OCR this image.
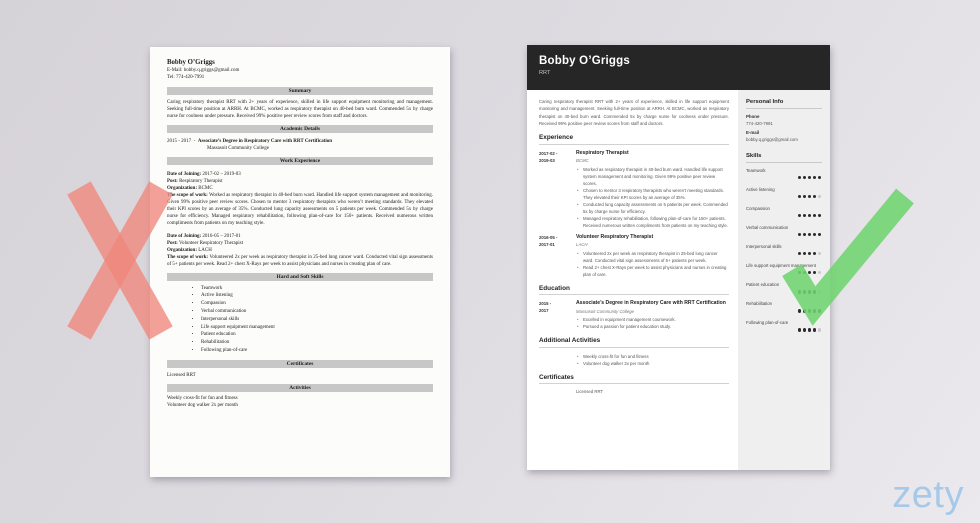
Bobby O’Griggs
E-Mail: bobby.q.griggs@gmail.com
Tel: 774-420-7991
Summary
Caring respiratory therapist RRT with 2+ years of experience, skilled in life support equipment monitoring and management. Seeking full-time position at ARRH. At BCMC, worked as respiratory therapist on 40-bed burn ward. Commended 5x by charge nurse for coolness under pressure. Received 99% positive peer review scores from staff and doctors.
Academic Details
2015 - 2017 - Associate’s Degree in Respiratory Care with RRT Certification
Massasoit Community College
Work Experience
Date of Joining: 2017-02 – 2019-03
Post: Respiratory Therapist
Organization: BCMC
The scope of work: Worked as respiratory therapist in 40-bed burn ward. Handled life support system management and monitoring. Given 99% positive peer review scores. Chosen to mentor 3 respiratory therapists who weren’t meeting standards. They elevated their KPI scores by an average of 35%. Conducted lung capacity assessments on 5 patients per week. Commended 5x by charge nurse for efficiency. Managed respiratory rehabilitation, following plan-of-care for 150+ patients. Received numerous written compliments from patients on my teaching style.
Date of Joining: 2016-05 – 2017-01
Post: Volunteer Respiratory Therapist
Organization: LACH
The scope of work: Volunteered 2x per week as respiratory therapist in 25-bed lung cancer ward. Conducted vital sign assessments of 5+ patients per week. Read 2+ chest X-Rays per week to assist physicians and nurses in creating plan of care.
Hard and Soft Skills
• Teamwork
• Active listening
• Compassion
• Verbal communication
• Interpersonal skills
• Life support equipment management
• Patient education
• Rehabilitation
• Following plan-of-care
Certificates
Licensed RRT
Activities
Weekly cross-fit for fun and fitness
Volunteer dog walker 2x per month
Bobby O’Griggs
RRT
Caring respiratory therapist RRT with 2+ years of experience, skilled in life support equipment monitoring and management. Seeking full-time position at ARRH. At BCMC, worked as respiratory therapist on 40-bed burn ward. Commended 5x by charge nurse for coolness under pressure. Received 99% positive peer review scores from staff and doctors.
Experience
2017-02 -
2019-03
Respiratory Therapist
BCMC
• Worked as respiratory therapist in 40-bed burn ward. Handled life support system management and monitoring. Given 99% positive peer review scores.
• Chosen to mentor 3 respiratory therapists who weren’t meeting standards. They elevated their KPI scores by an average of 35%.
• Conducted lung capacity assessments on 5 patients per week. Commended 5x by charge nurse for efficiency.
• Managed respiratory rehabilitation, following plan-of-care for 150+ patients. Received numerous written compliments from patients on my teaching style.
2016-05 -
2017-01
Volunteer Respiratory Therapist
LACH
• Volunteered 2x per week as respiratory therapist in 25-bed lung cancer ward. Conducted vital sign assessments of 5+ patients per week.
• Read 2+ chest X-Rays per week to assist physicians and nurses in creating plan of care.
Education
2015 -
2017
Associate’s Degree in Respiratory Care with RRT Certification
Massasoit Community College
• Excelled in equipment management coursework.
• Pursued a passion for patient education study.
Additional Activities
• Weekly cross-fit for fun and fitness
• Volunteer dog walker 2x per month
Certificates
Licensed RRT
Personal Info
Phone
774-420-7991
E-mail
bobby.q.griggs@gmail.com
Skills
Teamwork
Active listening
Compassion
Verbal communication
Interpersonal skills
Life support equipment management
Patient education
Rehabilitation
Following plan-of-care
zety
